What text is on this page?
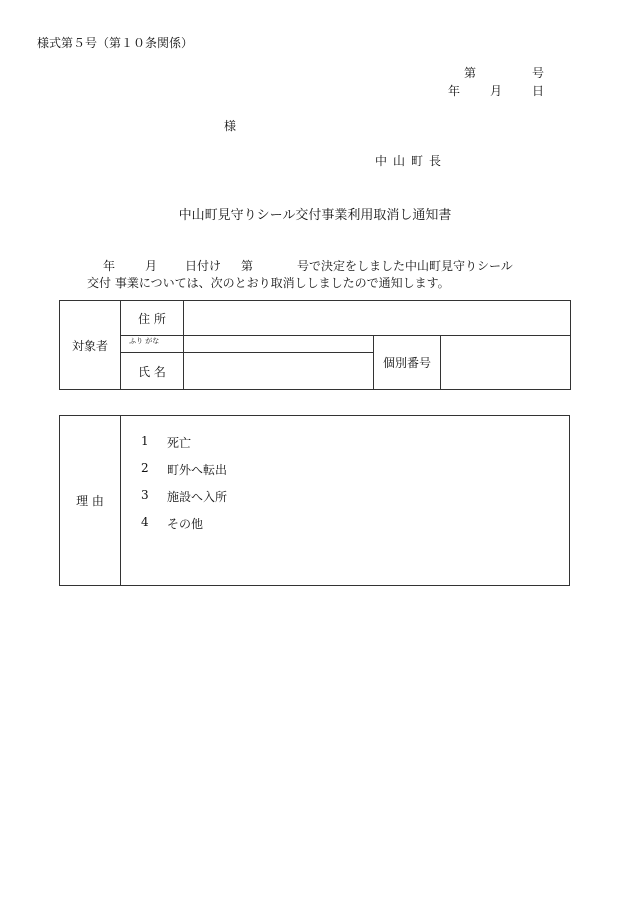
様式第５号（第１０条関係）
第	号
年 月 日
様
中山町長
中山町見守りシール交付事業利用取消し通知書
年 月 日付け 第	号で決定をしました中山町見守りシール
交付 事業については、次のとおり取消ししましたので通知します。
対象者	住 所			
	ふり がな		個別番号	
	氏 名			
理 由	
1	死亡
2	町外へ転出
3	施設へ入所
4	その他
